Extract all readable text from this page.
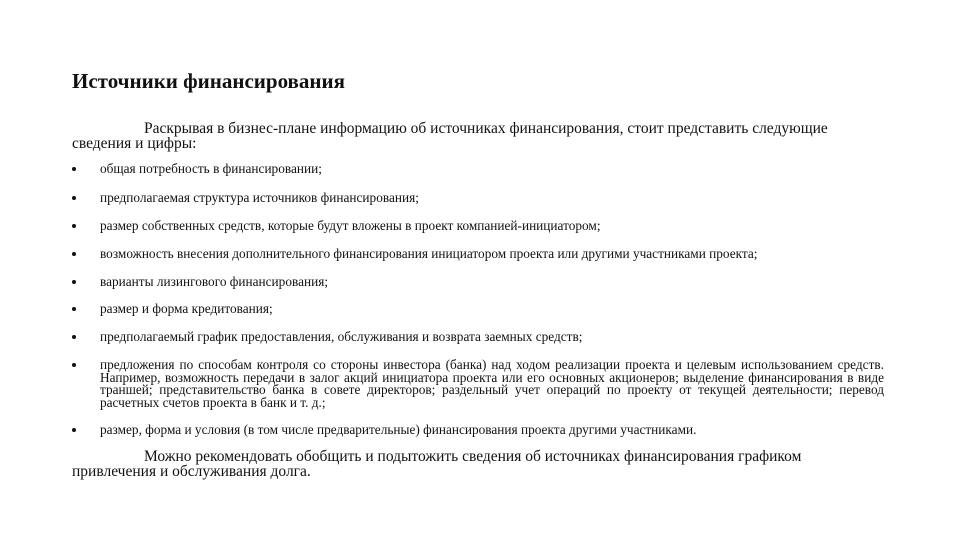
Источники финансирования

Раскрывая в бизнес-плане информацию об источниках финансирования, стоит представить следующие сведения и цифры:

общая потребность в финансировании;
предполагаемая структура источников финансирования;
размер собственных средств, которые будут вложены в проект компанией-инициатором;
возможность внесения дополнительного финансирования инициатором проекта или другими участниками проекта;
варианты лизингового финансирования;
размер и форма кредитования;
предполагаемый график предоставления, обслуживания и возврата заемных средств;
предложения по способам контроля со стороны инвестора (банка) над ходом реализации проекта и целевым использованием средств. Например, возможность передачи в залог акций инициатора проекта или его основных акционеров; выделение финансирования в виде траншей; представительство банка в совете директоров; раздельный учет операций по проекту от текущей деятельности; перевод расчетных счетов проекта в банк и т. д.;
размер, форма и условия (в том числе предварительные) финансирования проекта другими участниками.

Можно рекомендовать обобщить и подытожить сведения об источниках финансирования графиком привлечения и обслуживания долга.
